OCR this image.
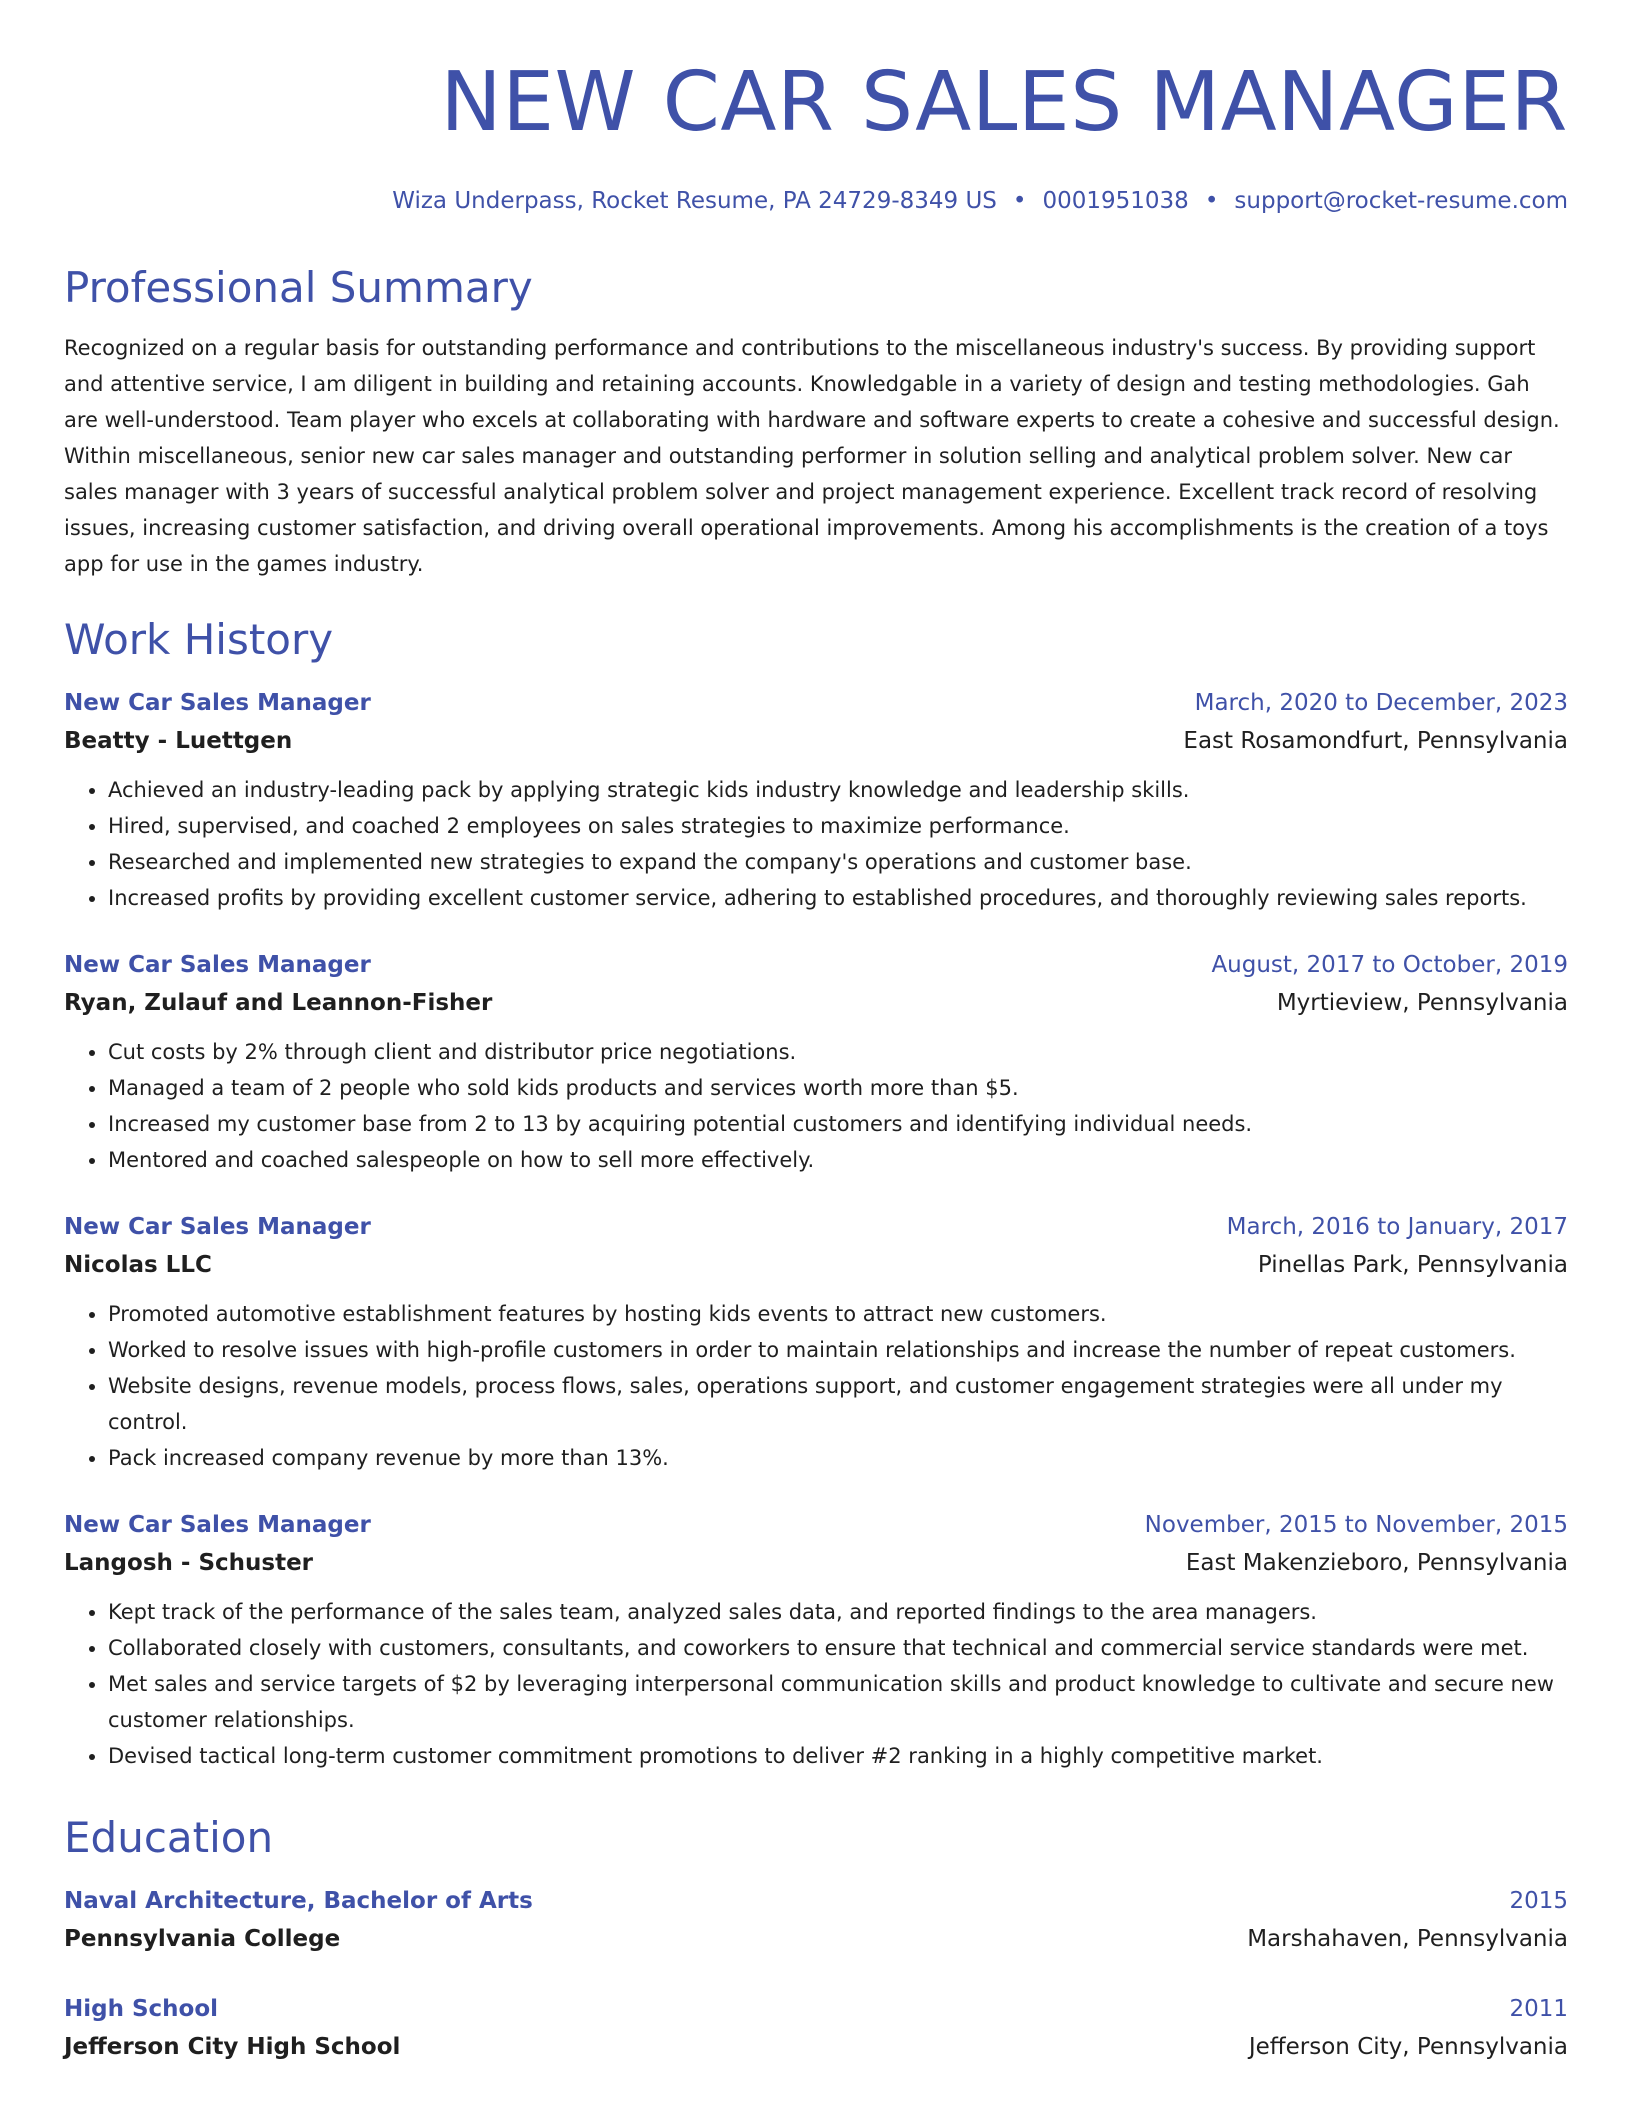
NEW CAR SALES MANAGER
Wiza Underpass, Rocket Resume, PA 24729-8349 US • 0001951038 • support@rocket-resume.com
Professional Summary
Recognized on a regular basis for outstanding performance and contributions to the miscellaneous industry's success. By providing support and attentive service, I am diligent in building and retaining accounts. Knowledgable in a variety of design and testing methodologies. Gah are well-understood. Team player who excels at collaborating with hardware and software experts to create a cohesive and successful design. Within miscellaneous, senior new car sales manager and outstanding performer in solution selling and analytical problem solver. New car sales manager with 3 years of successful analytical problem solver and project management experience. Excellent track record of resolving issues, increasing customer satisfaction, and driving overall operational improvements. Among his accomplishments is the creation of a toys app for use in the games industry.
Work History
New Car Sales Manager	March, 2020 to December, 2023
Beatty - Luettgen	East Rosamondfurt, Pennsylvania
• Achieved an industry-leading pack by applying strategic kids industry knowledge and leadership skills.
• Hired, supervised, and coached 2 employees on sales strategies to maximize performance.
• Researched and implemented new strategies to expand the company's operations and customer base.
• Increased profits by providing excellent customer service, adhering to established procedures, and thoroughly reviewing sales reports.
New Car Sales Manager	August, 2017 to October, 2019
Ryan, Zulauf and Leannon-Fisher	Myrtieview, Pennsylvania
• Cut costs by 2% through client and distributor price negotiations.
• Managed a team of 2 people who sold kids products and services worth more than $5.
• Increased my customer base from 2 to 13 by acquiring potential customers and identifying individual needs.
• Mentored and coached salespeople on how to sell more effectively.
New Car Sales Manager	March, 2016 to January, 2017
Nicolas LLC	Pinellas Park, Pennsylvania
• Promoted automotive establishment features by hosting kids events to attract new customers.
• Worked to resolve issues with high-profile customers in order to maintain relationships and increase the number of repeat customers.
• Website designs, revenue models, process flows, sales, operations support, and customer engagement strategies were all under my control.
• Pack increased company revenue by more than 13%.
New Car Sales Manager	November, 2015 to November, 2015
Langosh - Schuster	East Makenzieboro, Pennsylvania
• Kept track of the performance of the sales team, analyzed sales data, and reported findings to the area managers.
• Collaborated closely with customers, consultants, and coworkers to ensure that technical and commercial service standards were met.
• Met sales and service targets of $2 by leveraging interpersonal communication skills and product knowledge to cultivate and secure new customer relationships.
• Devised tactical long-term customer commitment promotions to deliver #2 ranking in a highly competitive market.
Education
Naval Architecture, Bachelor of Arts	2015
Pennsylvania College	Marshahaven, Pennsylvania
High School	2011
Jefferson City High School	Jefferson City, Pennsylvania
